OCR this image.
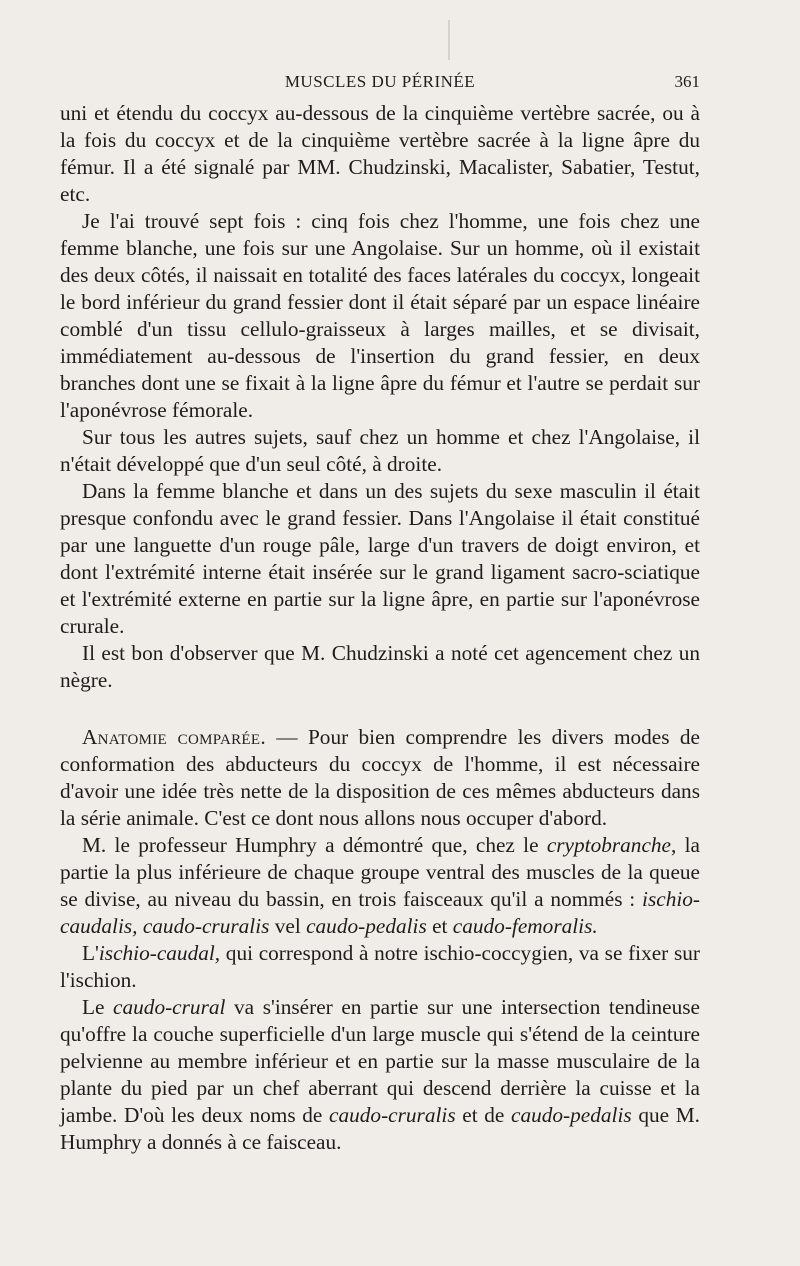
MUSCLES DU PÉRINÉE	361

uni et étendu du coccyx au-dessous de la cinquième vertèbre sacrée, ou à la fois du coccyx et de la cinquième vertèbre sacrée à la ligne âpre du fémur. Il a été signalé par MM. Chudzinski, Macalister, Sabatier, Testut, etc.

Je l'ai trouvé sept fois : cinq fois chez l'homme, une fois chez une femme blanche, une fois sur une Angolaise. Sur un homme, où il existait des deux côtés, il naissait en totalité des faces latérales du coccyx, longeait le bord inférieur du grand fessier dont il était séparé par un espace linéaire comblé d'un tissu cellulo-graisseux à larges mailles, et se divisait, immédiatement au-dessous de l'insertion du grand fessier, en deux branches dont une se fixait à la ligne âpre du fémur et l'autre se perdait sur l'aponévrose fémorale.

Sur tous les autres sujets, sauf chez un homme et chez l'Angolaise, il n'était développé que d'un seul côté, à droite.

Dans la femme blanche et dans un des sujets du sexe masculin il était presque confondu avec le grand fessier. Dans l'Angolaise il était constitué par une languette d'un rouge pâle, large d'un travers de doigt environ, et dont l'extrémité interne était insérée sur le grand ligament sacro-sciatique et l'extrémité externe en partie sur la ligne âpre, en partie sur l'aponévrose crurale.

Il est bon d'observer que M. Chudzinski a noté cet agencement chez un nègre.

Anatomie comparée. — Pour bien comprendre les divers modes de conformation des abducteurs du coccyx de l'homme, il est nécessaire d'avoir une idée très nette de la disposition de ces mêmes abducteurs dans la série animale. C'est ce dont nous allons nous occuper d'abord.

M. le professeur Humphry a démontré que, chez le cryptobranche, la partie la plus inférieure de chaque groupe ventral des muscles de la queue se divise, au niveau du bassin, en trois faisceaux qu'il a nommés : ischio-caudalis, caudo-cruralis vel caudo-pedalis et caudo-femoralis.

L'ischio-caudal, qui correspond à notre ischio-coccygien, va se fixer sur l'ischion.

Le caudo-crural va s'insérer en partie sur une intersection tendineuse qu'offre la couche superficielle d'un large muscle qui s'étend de la ceinture pelvienne au membre inférieur et en partie sur la masse musculaire de la plante du pied par un chef aberrant qui descend derrière la cuisse et la jambe. D'où les deux noms de caudo-cruralis et de caudo-pedalis que M. Humphry a donnés à ce faisceau.
